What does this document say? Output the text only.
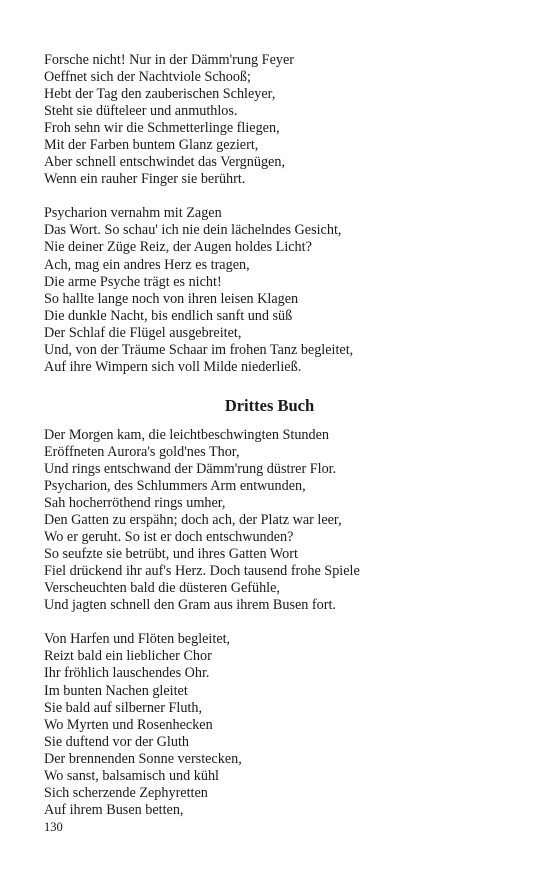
Forsche nicht! Nur in der Dämm'rung Feyer
Oeffnet sich der Nachtviole Schooß;
Hebt der Tag den zauberischen Schleyer,
Steht sie düfteleer und anmuthlos.
Froh sehn wir die Schmetterlinge fliegen,
Mit der Farben buntem Glanz geziert,
Aber schnell entschwindet das Vergnügen,
Wenn ein rauher Finger sie berührt.
Psycharion vernahm mit Zagen
Das Wort. So schau' ich nie dein lächelndes Gesicht,
Nie deiner Züge Reiz, der Augen holdes Licht?
Ach, mag ein andres Herz es tragen,
Die arme Psyche trägt es nicht!
So hallte lange noch von ihren leisen Klagen
Die dunkle Nacht, bis endlich sanft und süß
Der Schlaf die Flügel ausgebreitet,
Und, von der Träume Schaar im frohen Tanz begleitet,
Auf ihre Wimpern sich voll Milde niederließ.
Drittes Buch
Der Morgen kam, die leichtbeschwingten Stunden
Eröffneten Aurora's gold'nes Thor,
Und rings entschwand der Dämm'rung düstrer Flor.
Psycharion, des Schlummers Arm entwunden,
Sah hocherröthend rings umher,
Den Gatten zu erspähn; doch ach, der Platz war leer,
Wo er geruht. So ist er doch entschwunden?
So seufzte sie betrübt, und ihres Gatten Wort
Fiel drückend ihr auf's Herz. Doch tausend frohe Spiele
Verscheuchten bald die düsteren Gefühle,
Und jagten schnell den Gram aus ihrem Busen fort.
Von Harfen und Flöten begleitet,
Reizt bald ein lieblicher Chor
Ihr fröhlich lauschendes Ohr.
Im bunten Nachen gleitet
Sie bald auf silberner Fluth,
Wo Myrten und Rosenhecken
Sie duftend vor der Gluth
Der brennenden Sonne verstecken,
Wo sanst, balsamisch und kühl
Sich scherzende Zephyretten
Auf ihrem Busen betten,
130
